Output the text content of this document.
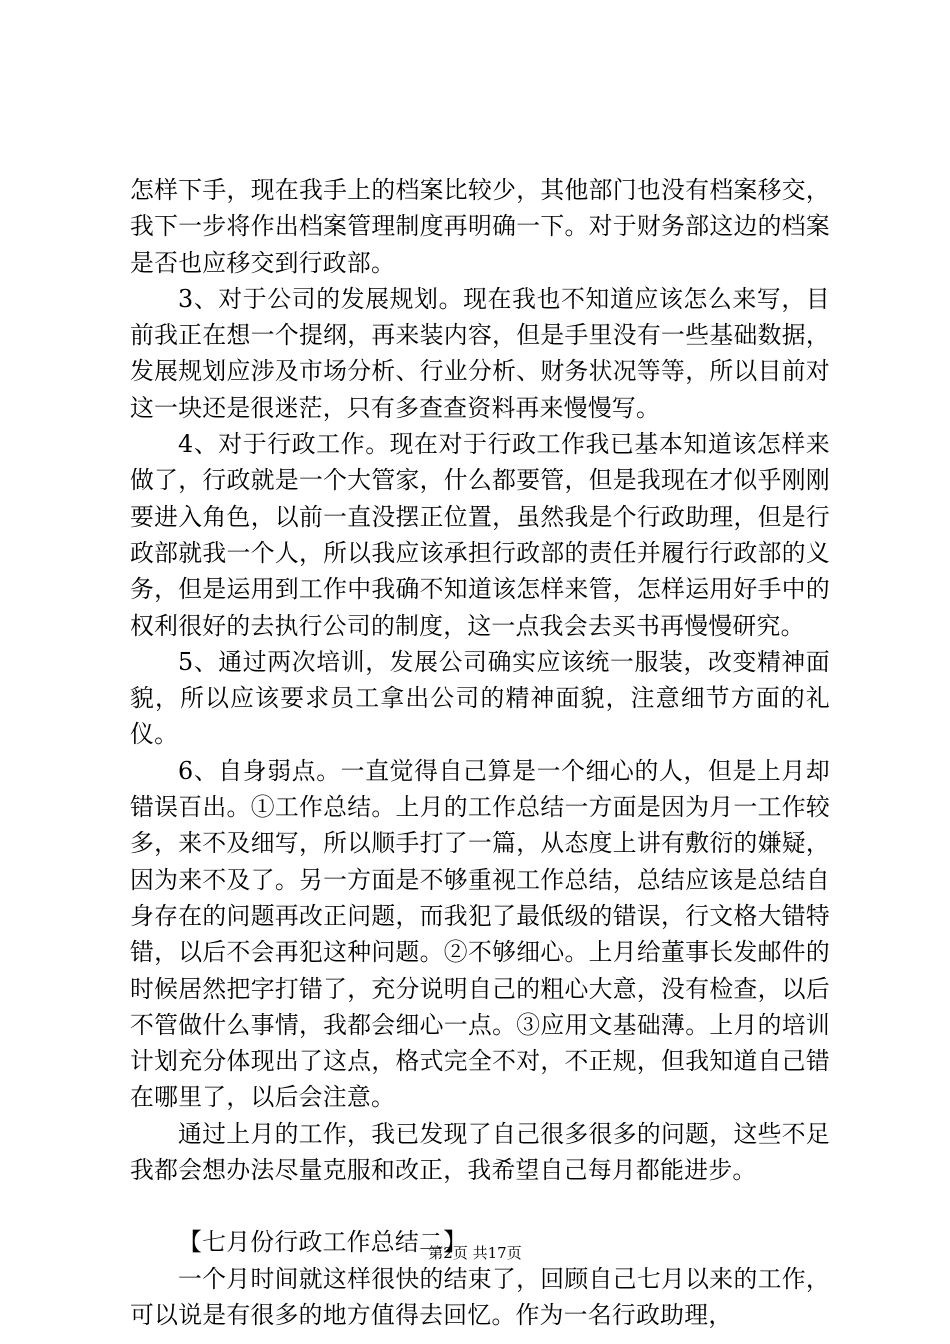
怎样下手，现在我手上的档案比较少，其他部门也没有档案移交，我下一步将作出档案管理制度再明确一下。对于财务部这边的档案是否也应移交到行政部。

3、对于公司的发展规划。现在我也不知道应该怎么来写，目前我正在想一个提纲，再来装内容，但是手里没有一些基础数据，发展规划应涉及市场分析、行业分析、财务状况等等，所以目前对这一块还是很迷茫，只有多查查资料再来慢慢写。

4、对于行政工作。现在对于行政工作我已基本知道该怎样来做了，行政就是一个大管家，什么都要管，但是我现在才似乎刚刚要进入角色，以前一直没摆正位置，虽然我是个行政助理，但是行政部就我一个人，所以我应该承担行政部的责任并履行行政部的义务，但是运用到工作中我确不知道该怎样来管，怎样运用好手中的权利很好的去执行公司的制度，这一点我会去买书再慢慢研究。

5、通过两次培训，发展公司确实应该统一服装，改变精神面貌，所以应该要求员工拿出公司的精神面貌，注意细节方面的礼仪。

6、自身弱点。一直觉得自己算是一个细心的人，但是上月却错误百出。①工作总结。上月的工作总结一方面是因为月一工作较多，来不及细写，所以顺手打了一篇，从态度上讲有敷衍的嫌疑，因为来不及了。另一方面是不够重视工作总结，总结应该是总结自身存在的问题再改正问题，而我犯了最低级的错误，行文格大错特错，以后不会再犯这种问题。②不够细心。上月给董事长发邮件的时候居然把字打错了，充分说明自己的粗心大意，没有检查，以后不管做什么事情，我都会细心一点。③应用文基础薄。上月的培训计划充分体现出了这点，格式完全不对，不正规，但我知道自己错在哪里了，以后会注意。

通过上月的工作，我已发现了自己很多很多的问题，这些不足我都会想办法尽量克服和改正，我希望自己每月都能进步。

【七月份行政工作总结二】

一个月时间就这样很快的结束了，回顾自己七月以来的工作，可以说是有很多的地方值得去回忆。作为一名行政助理，

第2页 共17页
